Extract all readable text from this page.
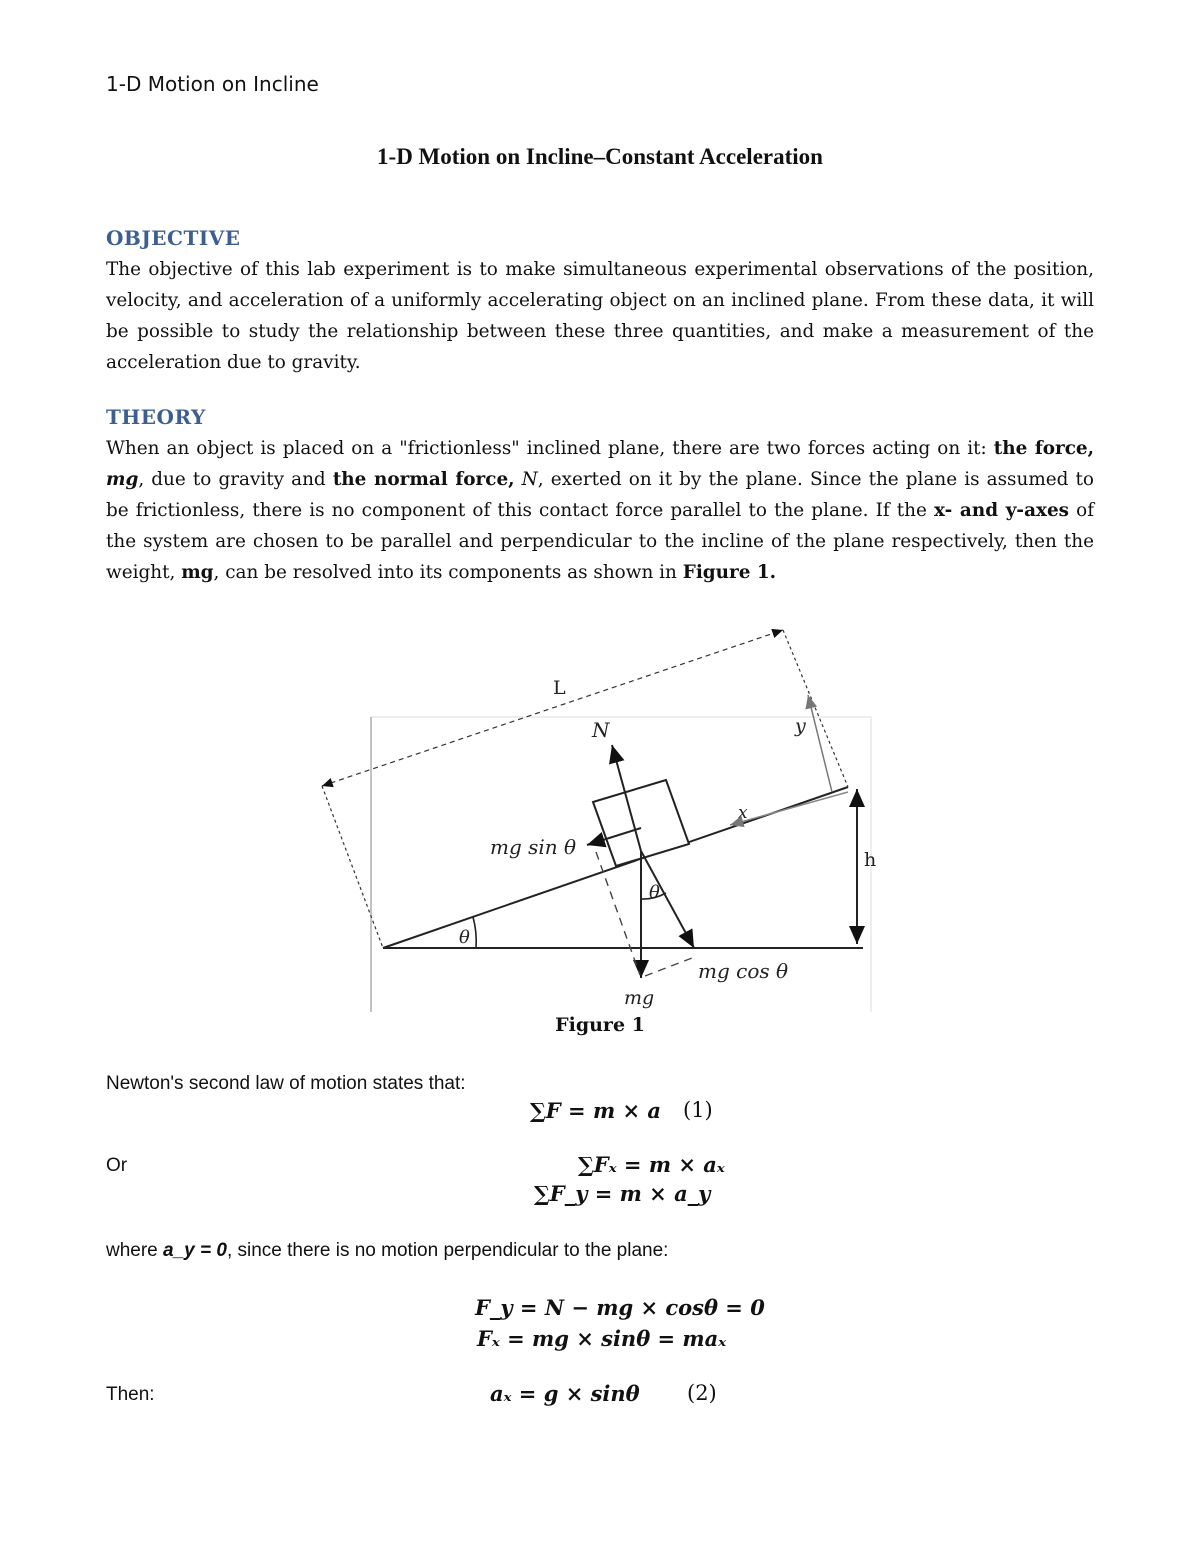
1-D Motion on Incline
1-D Motion on Incline–Constant Acceleration
OBJECTIVE
The objective of this lab experiment is to make simultaneous experimental observations of the position, velocity, and acceleration of a uniformly accelerating object on an inclined plane. From these data, it will be possible to study the relationship between these three quantities, and make a measurement of the acceleration due to gravity.
THEORY
When an object is placed on a "frictionless" inclined plane, there are two forces acting on it: the force, mg, due to gravity and the normal force, N, exerted on it by the plane. Since the plane is assumed to be frictionless, there is no component of this contact force parallel to the plane. If the x- and y-axes of the system are chosen to be parallel and perpendicular to the incline of the plane respectively, then the weight, mg, can be resolved into its components as shown in Figure 1.
L
y
x
h
N
mg
mg cos θ
mg sin θ
θ
θ
Figure 1
Newton's second law of motion states that:
∑F = m × a (1)
Or	∑Fₓ = m × aₓ
∑F_y = m × a_y
where a_y = 0, since there is no motion perpendicular to the plane:
F_y = N − mg × cosθ = 0
Fₓ = mg × sinθ = maₓ
Then:	aₓ = g × sinθ (2)
